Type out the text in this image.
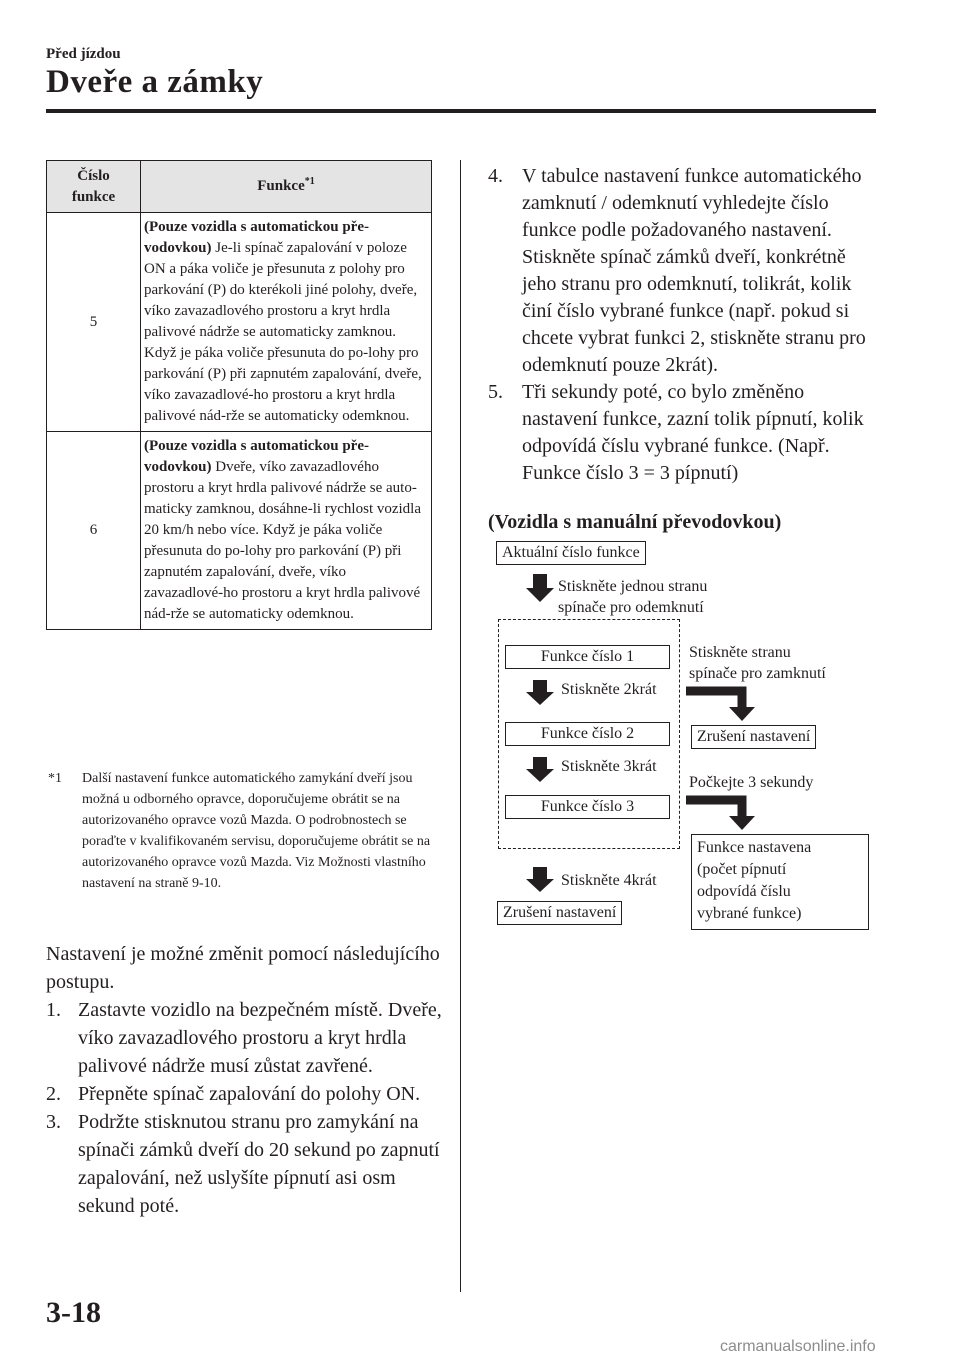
Před jízdou
Dveře a zámky
Číslo
funkce	Funkce$^{*1}$
5	(Pouze vozidla s automatickou pře-vodovkou) Je-li spínač zapalování v poloze ON a páka voliče je přesunuta z polohy pro parkování (P) do kterékoli jiné polohy, dveře, víko zavazadlového prostoru a kryt hrdla palivové nádrže se automaticky zamknou. Když je páka voliče přesunuta do po-lohy pro parkování (P) při zapnutém zapalování, dveře, víko zavazadlové-ho prostoru a kryt hrdla palivové nád-rže se automaticky odemknou.
6	(Pouze vozidla s automatickou pře-vodovkou) Dveře, víko zavazadlového prostoru a kryt hrdla palivové nádrže se auto-maticky zamknou, dosáhne-li rychlost vozidla 20 km/h nebo více. Když je páka voliče přesunuta do po-lohy pro parkování (P) při zapnutém zapalování, dveře, víko zavazadlové-ho prostoru a kryt hrdla palivové nád-rže se automaticky odemknou.
*1	Další nastavení funkce automatického zamykání dveří jsou možná u odborného opravce, doporučujeme obrátit se na autorizovaného opravce vozů Mazda. O podrobnostech se poraďte v kvalifikovaném servisu, doporučujeme obrátit se na autorizovaného opravce vozů Mazda. Viz Možnosti vlastního nastavení na straně 9-10.

Nastavení je možné změnit pomocí následujícího postupu.

1. Zastavte vozidlo na bezpečném místě. Dveře, víko zavazadlového prostoru a kryt hrdla palivové nádrže musí zůstat zavřené.
2. Přepněte spínač zapalování do polohy ON.
3. Podržte stisknutou stranu pro zamykání na spínači zámků dveří do 20 sekund po zapnutí zapalování, než uslyšíte pípnutí asi osm sekund poté.
4. V tabulce nastavení funkce automatického zamknutí / odemknutí vyhledejte číslo funkce podle požadovaného nastavení. Stiskněte spínač zámků dveří, konkrétně jeho stranu pro odemknutí, tolikrát, kolik činí číslo vybrané funkce (např. pokud si chcete vybrat funkci 2, stiskněte stranu pro odemknutí pouze 2krát).
5. Tři sekundy poté, co bylo změněno nastavení funkce, zazní tolik pípnutí, kolik odpovídá číslu vybrané funkce. (Např. Funkce číslo 3 = 3 pípnutí)
(Vozidla s manuální převodovkou)
Aktuální číslo funkce
Stiskněte jednou stranu
spínače pro odemknutí
Funkce číslo 1
Stiskněte 2krát
Funkce číslo 2
Stiskněte 3krát
Funkce číslo 3
Stiskněte 4krát
Zrušení nastavení
Stiskněte stranu
spínače pro zamknutí
Zrušení nastavení
Počkejte 3 sekundy
Funkce nastavena
(počet pípnutí
odpovídá číslu
vybrané funkce)
3-18
carmanualsonline.info
